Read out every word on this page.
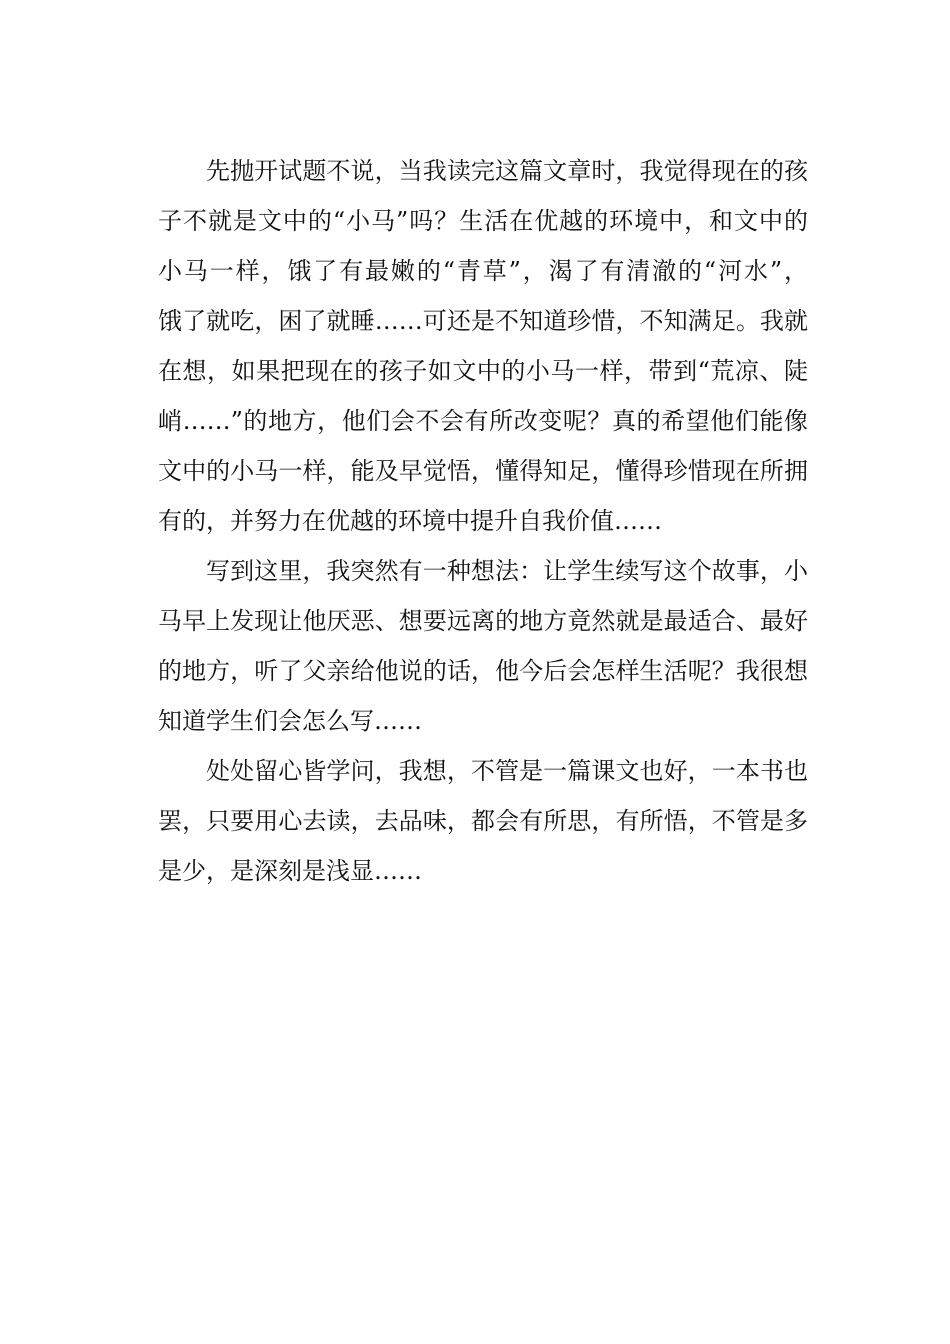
先抛开试题不说，当我读完这篇文章时，我觉得现在的孩
子不就是文中的“小马”吗？生活在优越的环境中，和文中的
小马一样，饿了有最嫩的“青草”，渴了有清澈的“河水”，
饿了就吃，困了就睡……可还是不知道珍惜，不知满足。我就
在想，如果把现在的孩子如文中的小马一样，带到“荒凉、陡
峭……”的地方，他们会不会有所改变呢？真的希望他们能像
文中的小马一样，能及早觉悟，懂得知足，懂得珍惜现在所拥
有的，并努力在优越的环境中提升自我价值……
写到这里，我突然有一种想法：让学生续写这个故事，小
马早上发现让他厌恶、想要远离的地方竟然就是最适合、最好
的地方，听了父亲给他说的话，他今后会怎样生活呢？我很想
知道学生们会怎么写……
处处留心皆学问，我想，不管是一篇课文也好，一本书也
罢，只要用心去读，去品味，都会有所思，有所悟，不管是多
是少，是深刻是浅显……
